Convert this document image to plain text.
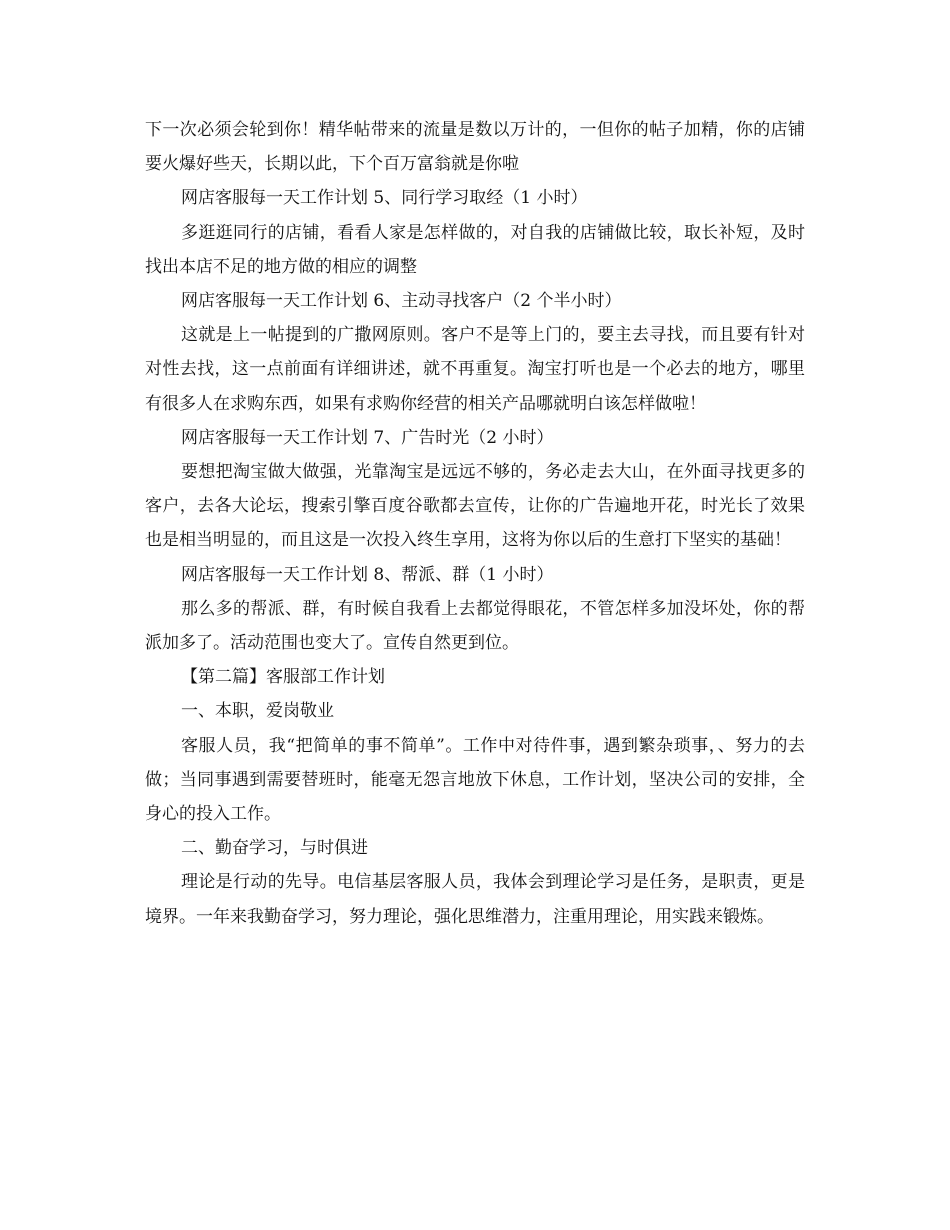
下一次必须会轮到你！精华帖带来的流量是数以万计的，一但你的帖子加精，你的店铺要火爆好些天，长期以此，下个百万富翁就是你啦

网店客服每一天工作计划 5、同行学习取经（1 小时）

多逛逛同行的店铺，看看人家是怎样做的，对自我的店铺做比较，取长补短，及时找出本店不足的地方做的相应的调整

网店客服每一天工作计划 6、主动寻找客户（2 个半小时）

这就是上一帖提到的广撒网原则。客户不是等上门的，要主去寻找，而且要有针对对性去找，这一点前面有详细讲述，就不再重复。淘宝打听也是一个必去的地方，哪里有很多人在求购东西，如果有求购你经营的相关产品哪就明白该怎样做啦！

网店客服每一天工作计划 7、广告时光（2 小时）

要想把淘宝做大做强，光靠淘宝是远远不够的，务必走去大山，在外面寻找更多的客户，去各大论坛，搜索引擎百度谷歌都去宣传，让你的广告遍地开花，时光长了效果也是相当明显的，而且这是一次投入终生享用，这将为你以后的生意打下坚实的基础！

网店客服每一天工作计划 8、帮派、群（1 小时）

那么多的帮派、群，有时候自我看上去都觉得眼花，不管怎样多加没坏处，你的帮派加多了。活动范围也变大了。宣传自然更到位。

【第二篇】客服部工作计划

一、本职，爱岗敬业

客服人员，我“把简单的事不简单”。工作中对待件事，遇到繁杂琐事，、努力的去做；当同事遇到需要替班时，能毫无怨言地放下休息，工作计划，坚决公司的安排，全身心的投入工作。

二、勤奋学习，与时俱进

理论是行动的先导。电信基层客服人员，我体会到理论学习是任务，是职责，更是境界。一年来我勤奋学习，努力理论，强化思维潜力，注重用理论，用实践来锻炼。
